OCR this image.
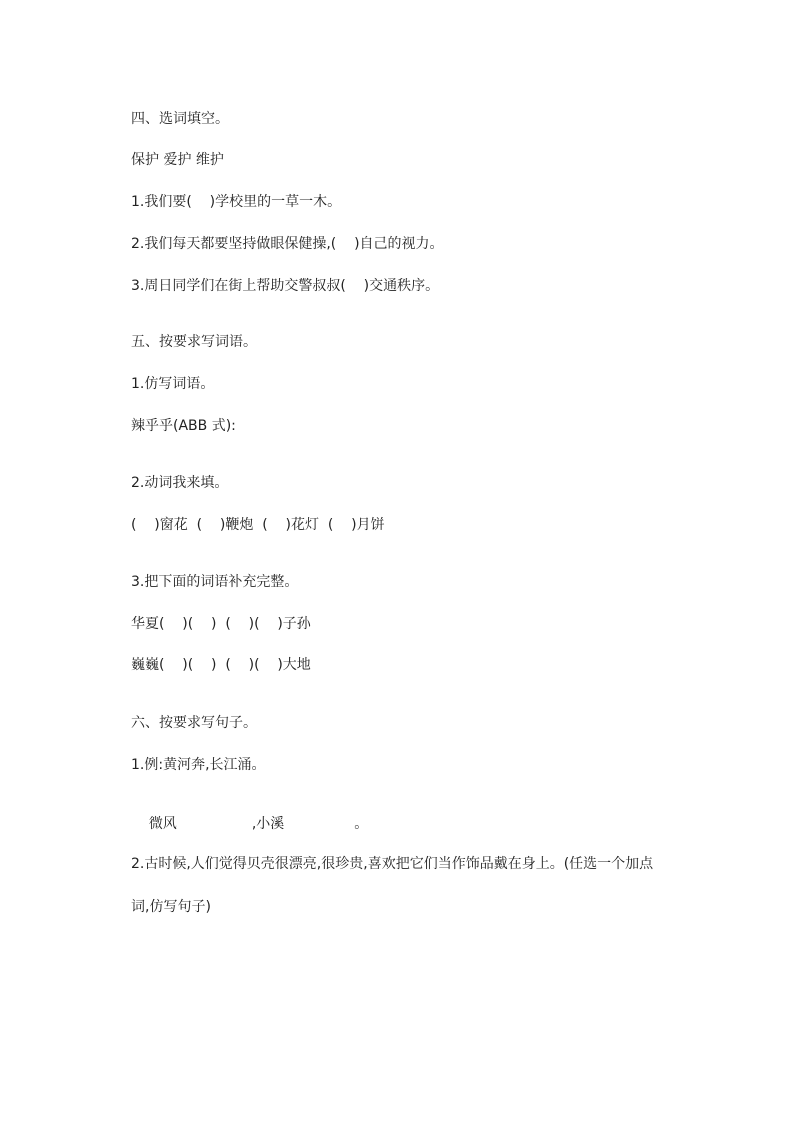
四、选词填空。
保护 爱护 维护
1.我们要(    )学校里的一草一木。
2.我们每天都要坚持做眼保健操,(    )自己的视力。
3.周日同学们在街上帮助交警叔叔(    )交通秩序。
五、按要求写词语。
1.仿写词语。
辣乎乎(ABB 式):
2.动词我来填。
(    )窗花  (    )鞭炮  (    )花灯  (    )月饼
3.把下面的词语补充完整。
华夏(    )(    )  (    )(    )子孙
巍巍(    )(    )  (    )(    )大地
六、按要求写句子。
1.例:黄河奔,长江涌。

微风	,小溪	。

2.古时候,人们觉得贝壳很漂亮,很珍贵,喜欢把它们当作饰品戴在身上。(任选一个加点
词,仿写句子)
